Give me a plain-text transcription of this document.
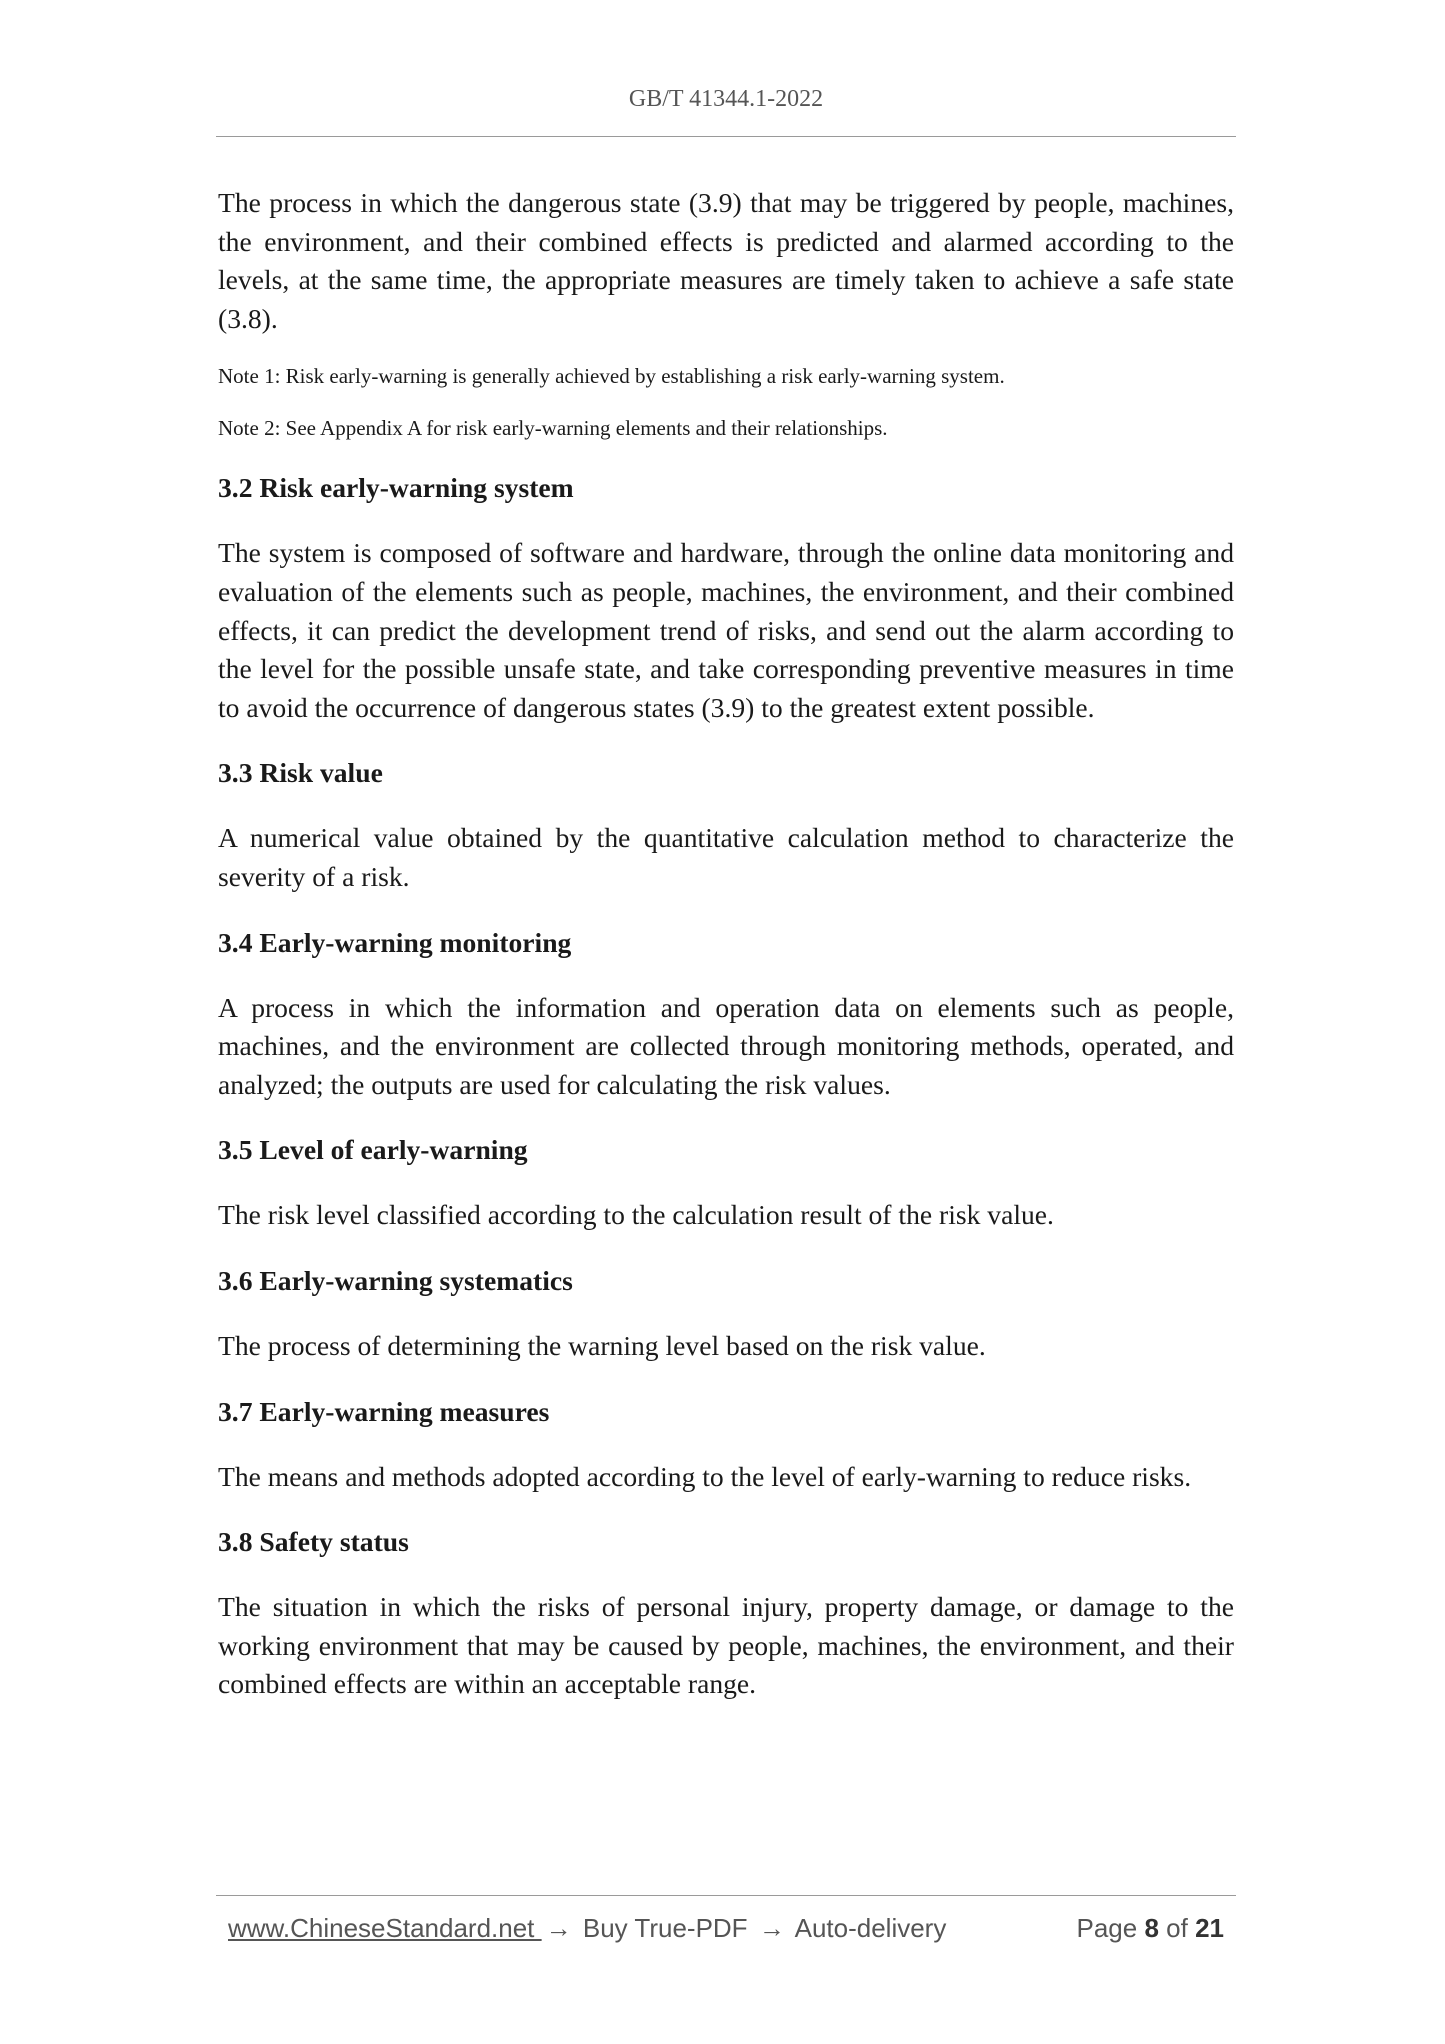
GB/T 41344.1-2022

The process in which the dangerous state (3.9) that may be triggered by people, machines, the environment, and their combined effects is predicted and alarmed according to the levels, at the same time, the appropriate measures are timely taken to achieve a safe state (3.8).

Note 1: Risk early-warning is generally achieved by establishing a risk early-warning system.

Note 2: See Appendix A for risk early-warning elements and their relationships.

3.2 Risk early-warning system

The system is composed of software and hardware, through the online data monitoring and evaluation of the elements such as people, machines, the environment, and their combined effects, it can predict the development trend of risks, and send out the alarm according to the level for the possible unsafe state, and take corresponding preventive measures in time to avoid the occurrence of dangerous states (3.9) to the greatest extent possible.

3.3 Risk value

A numerical value obtained by the quantitative calculation method to characterize the severity of a risk.

3.4 Early-warning monitoring

A process in which the information and operation data on elements such as people, machines, and the environment are collected through monitoring methods, operated, and analyzed; the outputs are used for calculating the risk values.

3.5 Level of early-warning

The risk level classified according to the calculation result of the risk value.

3.6 Early-warning systematics

The process of determining the warning level based on the risk value.

3.7 Early-warning measures

The means and methods adopted according to the level of early-warning to reduce risks.

3.8 Safety status

The situation in which the risks of personal injury, property damage, or damage to the working environment that may be caused by people, machines, the environment, and their combined effects are within an acceptable range.

www.ChineseStandard.net → Buy True-PDF → Auto-delivery	Page 8 of 21
